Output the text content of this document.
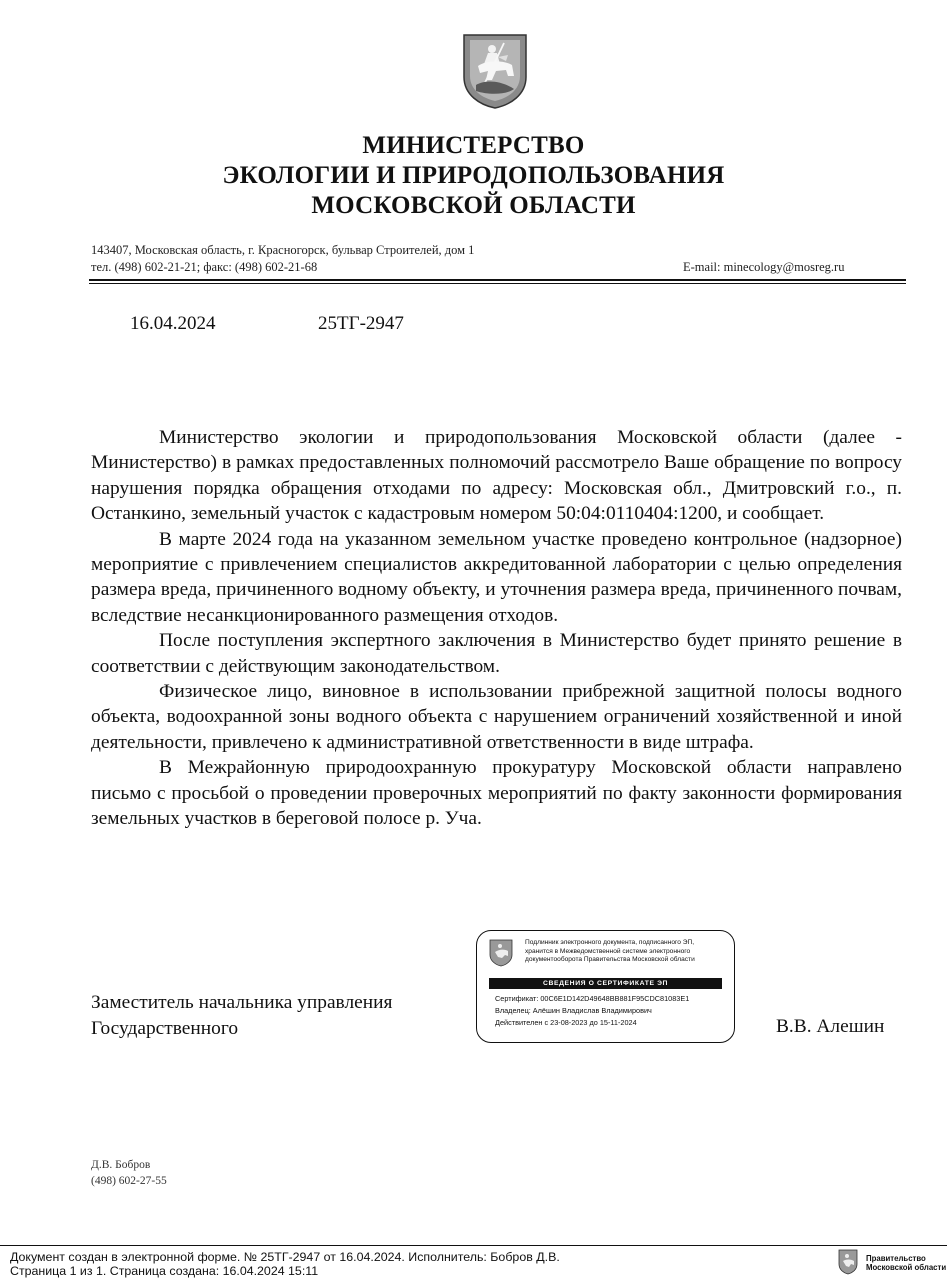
МИНИСТЕРСТВО
ЭКОЛОГИИ И ПРИРОДОПОЛЬЗОВАНИЯ
МОСКОВСКОЙ ОБЛАСТИ
143407, Московская область, г. Красногорск, бульвар Строителей, дом 1
тел. (498) 602-21-21; факс: (498) 602-21-68	E-mail: minecology@mosreg.ru
16.04.2024	25ТГ-2947

Министерство экологии и природопользования Московской области (далее - Министерство) в рамках предоставленных полномочий рассмотрело Ваше обращение по вопросу нарушения порядка обращения отходами по адресу: Московская обл., Дмитровский г.о., п. Останкино, земельный участок с кадастровым номером 50:04:0110404:1200, и сообщает.

В марте 2024 года на указанном земельном участке проведено контрольное (надзорное) мероприятие с привлечением специалистов аккредитованной лаборатории с целью определения размера вреда, причиненного водному объекту, и уточнения размера вреда, причиненного почвам, вследствие несанкционированного размещения отходов.

После поступления экспертного заключения в Министерство будет принято решение в соответствии с действующим законодательством.

Физическое лицо, виновное в использовании прибрежной защитной полосы водного объекта, водоохранной зоны водного объекта с нарушением ограничений хозяйственной и иной деятельности, привлечено к административной ответственности в виде штрафа.

В Межрайонную природоохранную прокуратуру Московской области направлено письмо с просьбой о проведении проверочных мероприятий по факту законности формирования земельных участков в береговой полосе р. Уча.

Заместитель начальника управления
Государственного	В.В. Алешин
Подлинник электронного документа, подписанного ЭП,
хранится в Межведомственной системе электронного
документооборота Правительства Московской области
СВЕДЕНИЯ О СЕРТИФИКАТЕ ЭП
Сертификат: 00C6E1D142D49648BB881F95CDC81083E1
Владелец: Алёшин Владислав Владимирович
Действителен с 23-08-2023 до 15-11-2024
Д.В. Бобров
(498) 602-27-55
Документ создан в электронной форме. № 25ТГ-2947 от 16.04.2024. Исполнитель: Бобров Д.В.
Страница 1 из 1. Страница создана: 16.04.2024 15:11
Правительство
Московской области
